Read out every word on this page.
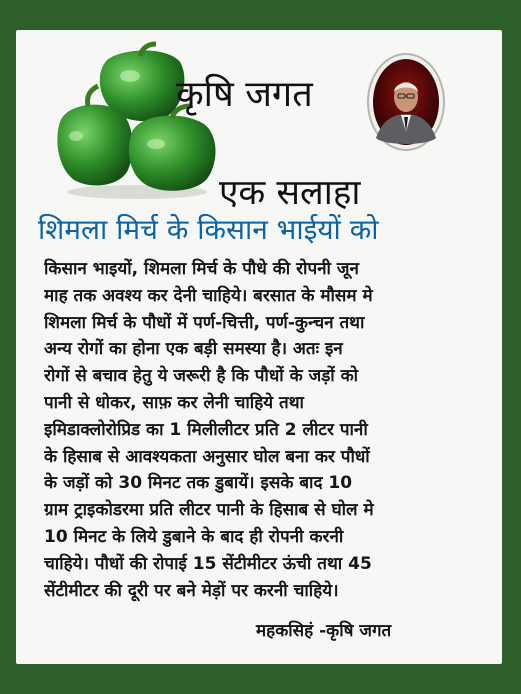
कृषि जगत
एक सलाहा
शिमला मिर्च के किसान भाईयों को

किसान भाइयों, शिमला मिर्च के पौधे की रोपनी जून
माह तक अवश्य कर देनी चाहिये। बरसात के मौसम मे
शिमला मिर्च के पौधों में पर्ण-चित्ती, पर्ण-कुन्चन तथा
अन्य रोगों का होना एक बड़ी समस्या है। अतः इन
रोगों से बचाव हेतु ये जरूरी है कि पौधों के जड़ों को
पानी से धोकर, साफ़ कर लेनी चाहिये तथा
इमिडाक्लोरोप्रिड का 1 मिलीलीटर प्रति 2 लीटर पानी
के हिसाब से आवश्यकता अनुसार घोल बना कर पौधों
के जड़ों को 30 मिनट तक डुबायें। इसके बाद 10
ग्राम ट्राइकोडरमा प्रति लीटर पानी के हिसाब से घोल मे
10 मिनट के लिये डुबाने के बाद ही रोपनी करनी
चाहिये। पौधों की रोपाई 15 सेंटीमीटर ऊंची तथा 45
सेंटीमीटर की दूरी पर बने मेड़ों पर करनी चाहिये।

महकसिहं -कृषि जगत
